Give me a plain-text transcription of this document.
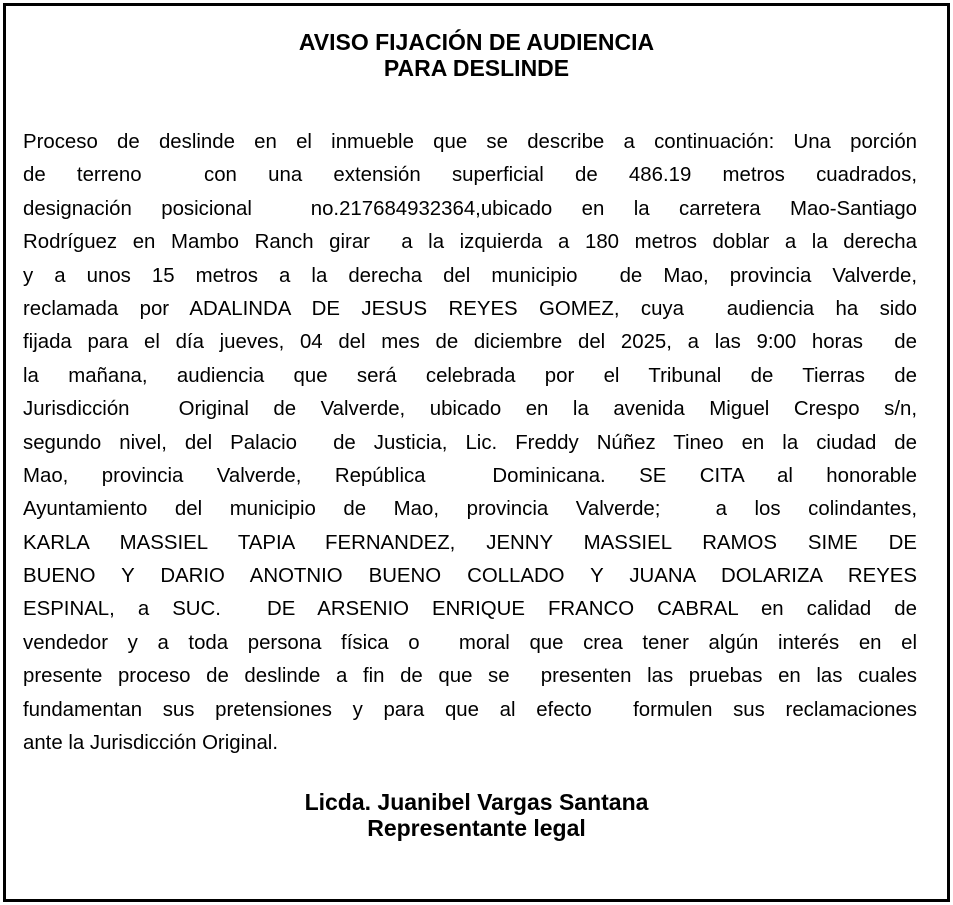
AVISO FIJACIÓN DE AUDIENCIA
PARA DESLINDE
Proceso de deslinde en el inmueble que se describe a continuación: Una porción
de terreno  con una extensión superficial de 486.19 metros cuadrados,
designación posicional  no.217684932364,ubicado en la carretera Mao-Santiago
Rodríguez en Mambo Ranch girar  a la izquierda a 180 metros doblar a la derecha
y a unos 15 metros a la derecha del municipio  de Mao, provincia Valverde,
reclamada por ADALINDA DE JESUS REYES GOMEZ, cuya  audiencia ha sido
fijada para el día jueves, 04 del mes de diciembre del 2025, a las 9:00 horas  de
la mañana, audiencia que será celebrada por el Tribunal de Tierras de
Jurisdicción  Original de Valverde, ubicado en la avenida Miguel Crespo s/n,
segundo nivel, del Palacio  de Justicia, Lic. Freddy Núñez Tineo en la ciudad de
Mao, provincia Valverde, República  Dominicana. SE CITA al honorable
Ayuntamiento del municipio de Mao, provincia Valverde;  a los colindantes,
KARLA MASSIEL TAPIA FERNANDEZ, JENNY MASSIEL RAMOS SIME DE
BUENO Y DARIO ANOTNIO BUENO COLLADO Y JUANA DOLARIZA REYES
ESPINAL, a SUC.  DE ARSENIO ENRIQUE FRANCO CABRAL en calidad de
vendedor y a toda persona física o  moral que crea tener algún interés en el
presente proceso de deslinde a fin de que se  presenten las pruebas en las cuales
fundamentan sus pretensiones y para que al efecto  formulen sus reclamaciones
ante la Jurisdicción Original.
Licda. Juanibel Vargas Santana
Representante legal
